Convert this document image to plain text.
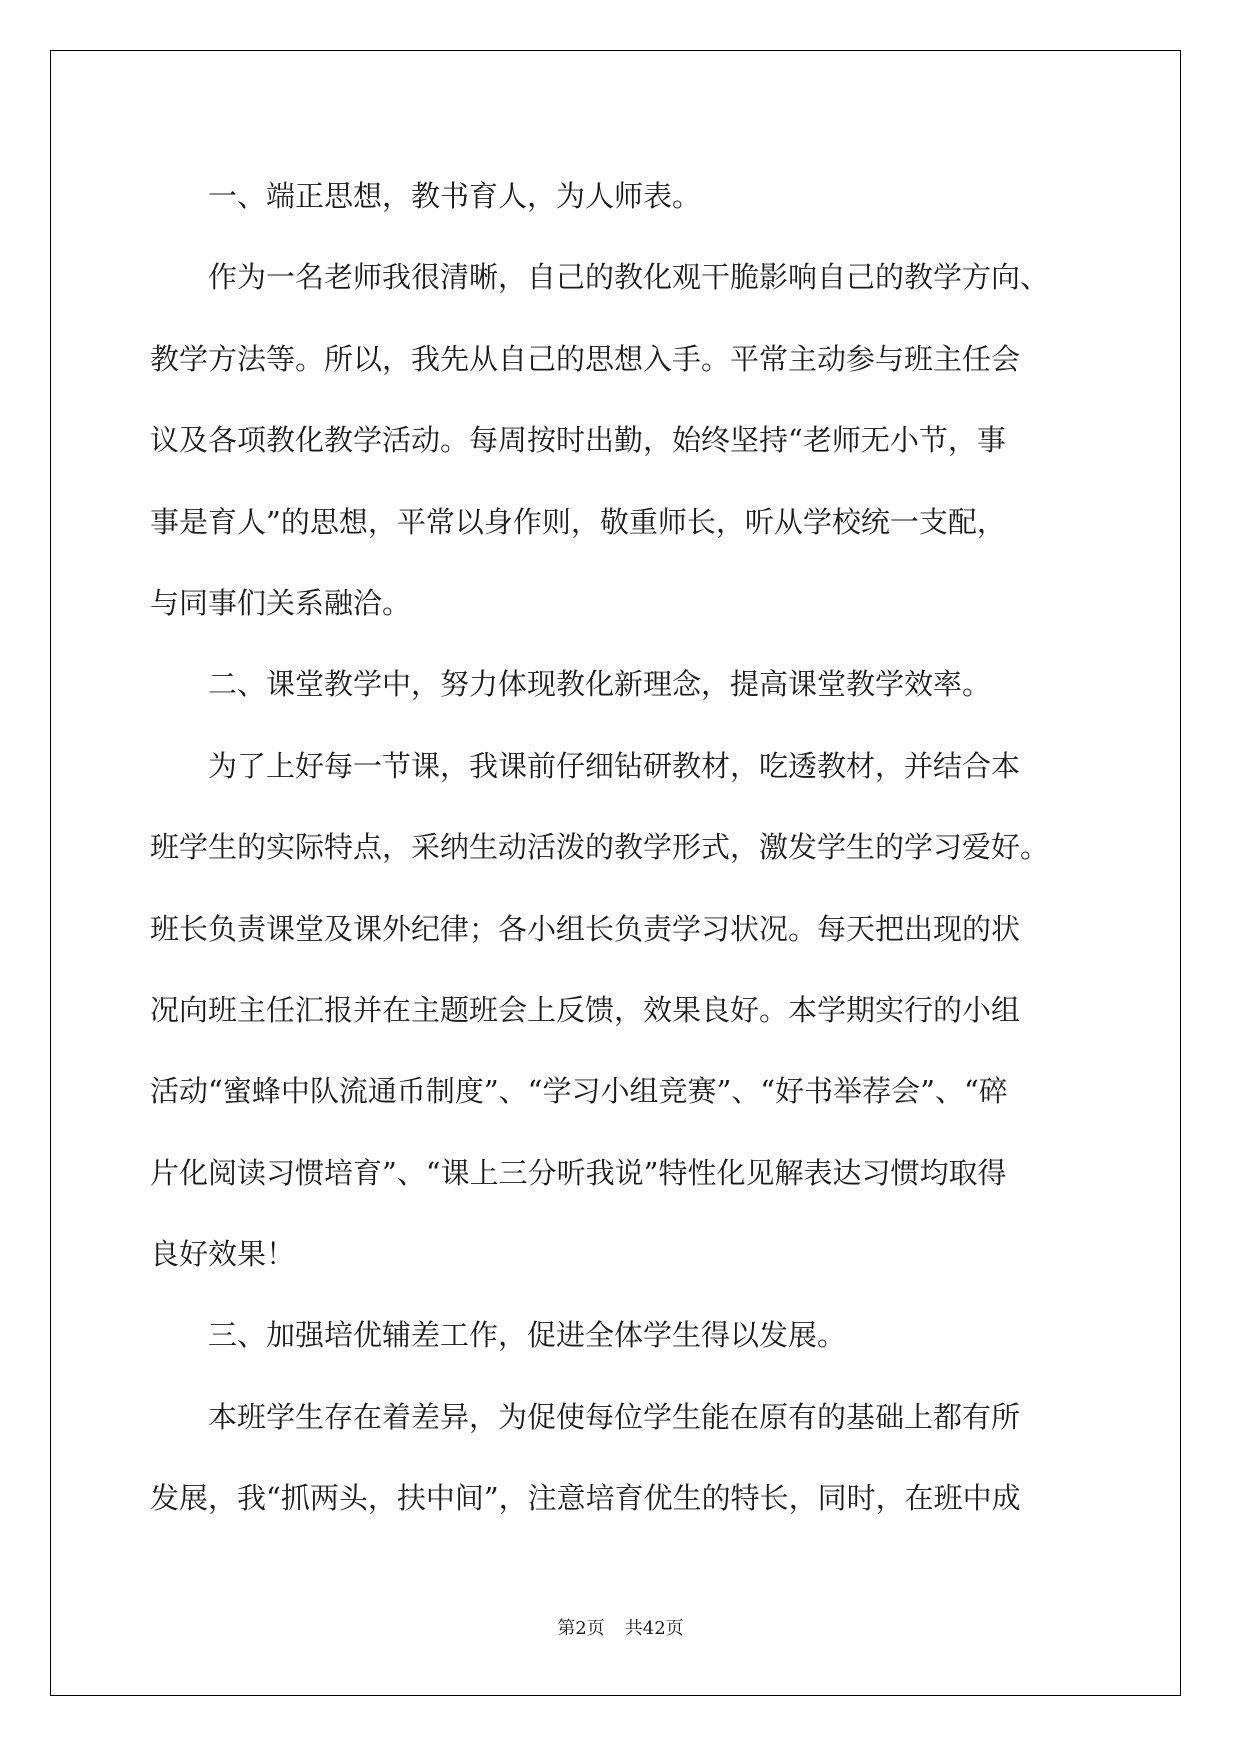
　　一、端正思想，教书育人，为人师表。
　　作为一名老师我很清晰，自己的教化观干脆影响自己的教学方向、
教学方法等。所以，我先从自己的思想入手。平常主动参与班主任会
议及各项教化教学活动。每周按时出勤，始终坚持“老师无小节，事
事是育人”的思想，平常以身作则，敬重师长，听从学校统一支配，
与同事们关系融洽。
　　二、课堂教学中，努力体现教化新理念，提高课堂教学效率。
　　为了上好每一节课，我课前仔细钻研教材，吃透教材，并结合本
班学生的实际特点，采纳生动活泼的教学形式，激发学生的学习爱好。
班长负责课堂及课外纪律；各小组长负责学习状况。每天把出现的状
况向班主任汇报并在主题班会上反馈，效果良好。本学期实行的小组
活动“蜜蜂中队流通币制度”、“学习小组竞赛”、“好书举荐会”、“碎
片化阅读习惯培育”、“课上三分听我说”特性化见解表达习惯均取得
良好效果！
　　三、加强培优辅差工作，促进全体学生得以发展。
　　本班学生存在着差异，为促使每位学生能在原有的基础上都有所
发展，我“抓两头，扶中间”，注意培育优生的特长，同时，在班中成
第2页 共42页
